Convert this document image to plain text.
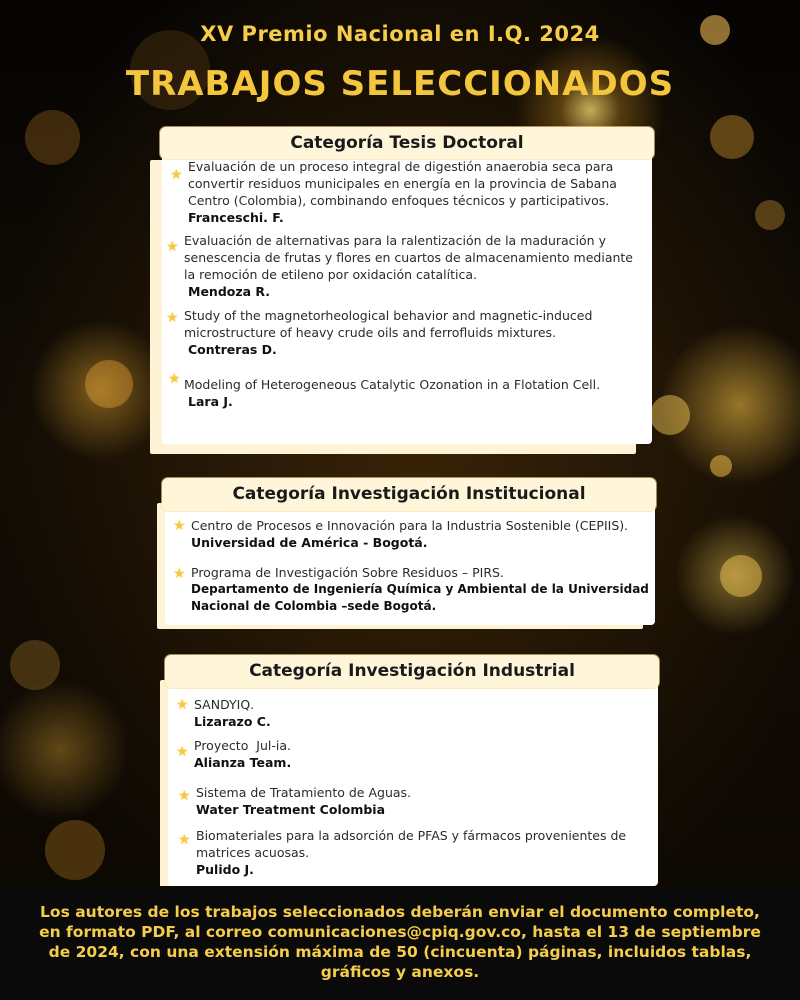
XV Premio Nacional en I.Q. 2024
TRABAJOS SELECCIONADOS
★

Evaluación de un proceso integral de digestión anaerobia seca para convertir residuos municipales en energía en la provincia de Sabana Centro (Colombia), combinando enfoques técnicos y participativos.

Franceschi. F.

★ Evaluación de alternativas para la ralentización de la maduración y senescencia de frutas y flores en cuartos de almacenamiento mediante la remoción de etileno por oxidación catalítica.

Mendoza R.

★ Study of the magnetorheological behavior and magnetic-induced microstructure of heavy crude oils and ferrofluids mixtures.

Contreras D.

★ Modeling of Heterogeneous Catalytic Ozonation in a Flotation Cell.

Lara J.

Categoría Tesis Doctoral
★ Centro de Procesos e Innovación para la Industria Sostenible (CEPIIS).

Universidad de América - Bogotá.

★ Programa de Investigación Sobre Residuos – PIRS.

Departamento de Ingeniería Química y Ambiental de la Universidad Nacional de Colombia –sede Bogotá.

Categoría Investigación Institucional
★ SANDYIQ.

Lizarazo C.

★ Proyecto  Jul-ia.

Alianza Team.

★ Sistema de Tratamiento de Aguas.

Water Treatment Colombia

★ Biomateriales para la adsorción de PFAS y fármacos provenientes de matrices acuosas.

Pulido J.

Categoría Investigación Industrial

Los autores de los trabajos seleccionados deberán enviar el documento completo, en formato PDF, al correo comunicaciones@cpiq.gov.co, hasta el 13 de septiembre de 2024, con una extensión máxima de 50 (cincuenta) páginas, incluidos tablas, gráficos y anexos.
